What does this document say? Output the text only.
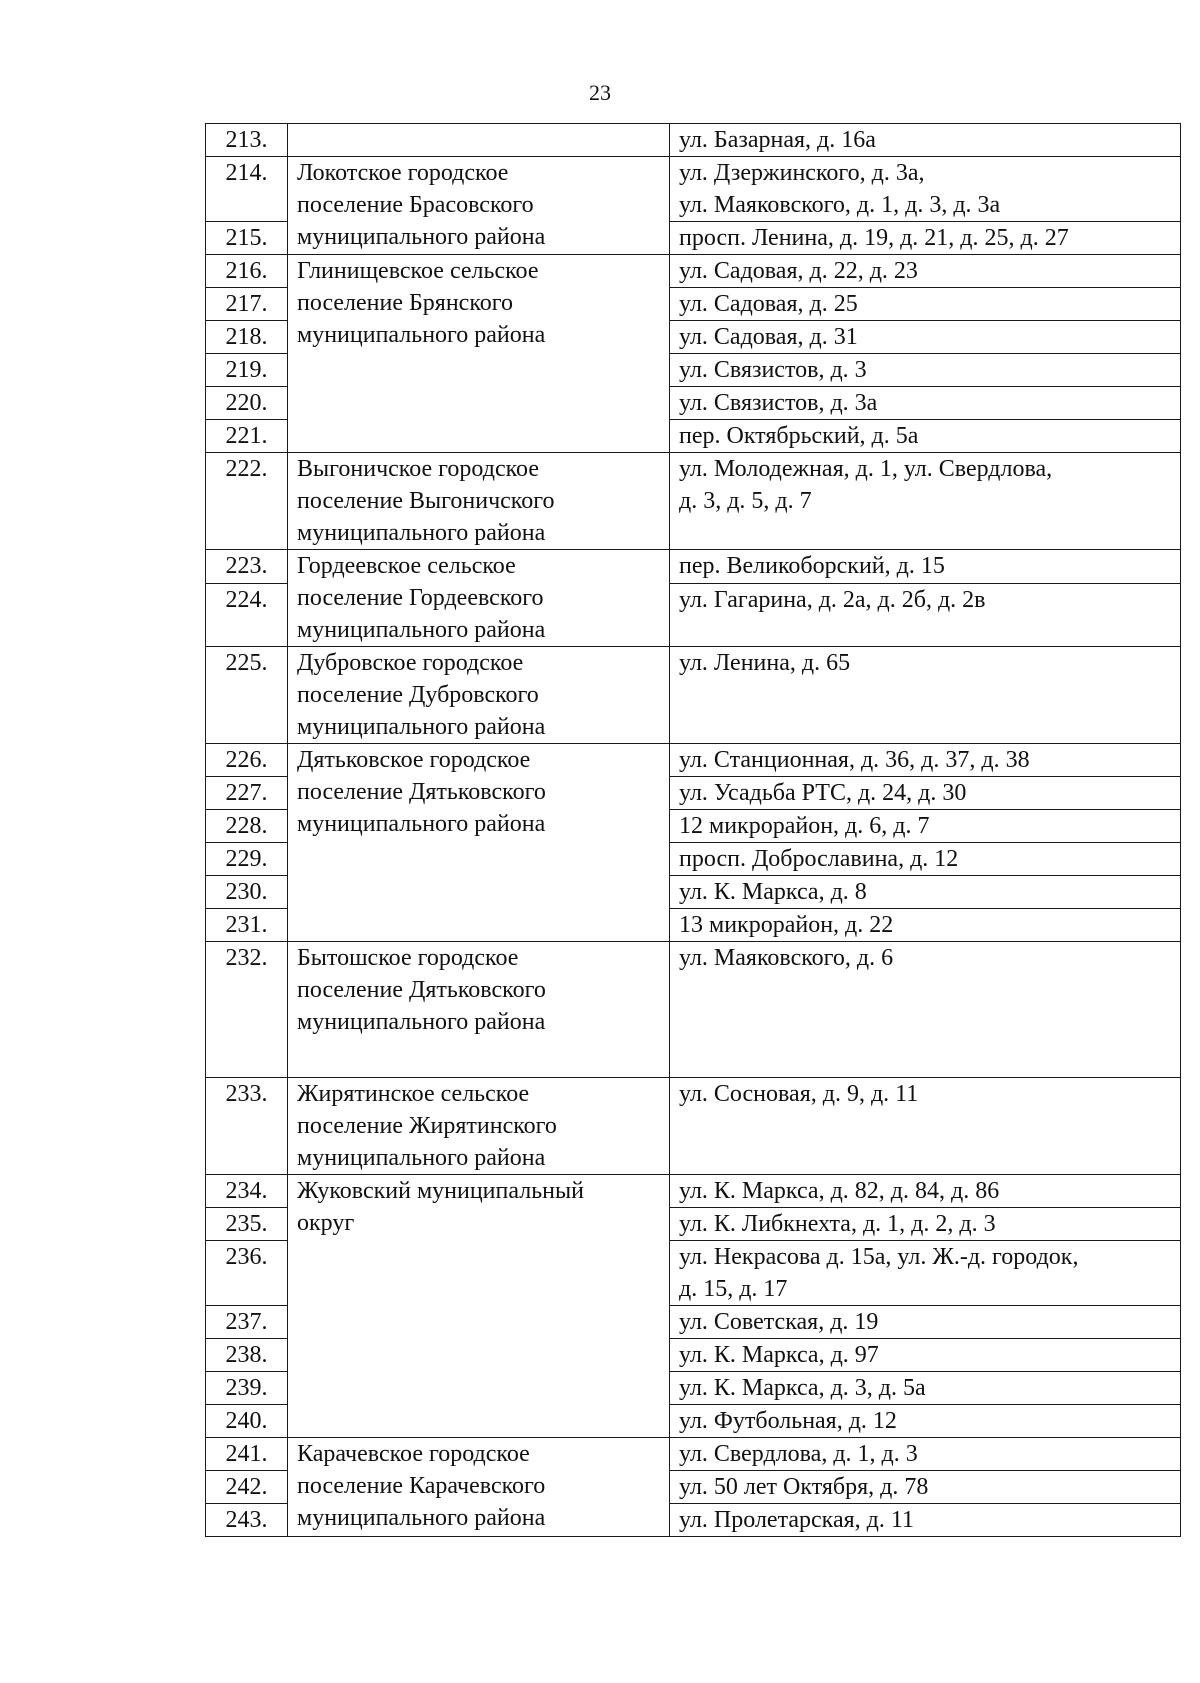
23
213.		ул. Базарная, д. 16а
214.	Локотское городское
поселение Брасовского
муниципального района	ул. Дзержинского, д. 3а,
ул. Маяковского, д. 1, д. 3, д. 3а
215.		просп. Ленина, д. 19, д. 21, д. 25, д. 27
216.	Глинищевское сельское
поселение Брянского
муниципального района	ул. Садовая, д. 22, д. 23
217.		ул. Садовая, д. 25
218.		ул. Садовая, д. 31
219.		ул. Связистов, д. 3
220.		ул. Связистов, д. 3а
221.		пер. Октябрьский, д. 5а
222.	Выгоничское городское
поселение Выгоничского
муниципального района	ул. Молодежная, д. 1, ул. Свердлова,
д. 3, д. 5, д. 7
223.	Гордеевское сельское
поселение Гордеевского
муниципального района	пер. Великоборский, д. 15
224.		ул. Гагарина, д. 2а, д. 2б, д. 2в
225.	Дубровское городское
поселение Дубровского
муниципального района	ул. Ленина, д. 65
226.	Дятьковское городское
поселение Дятьковского
муниципального района	ул. Станционная, д. 36, д. 37, д. 38
227.		ул. Усадьба РТС, д. 24, д. 30
228.		12 микрорайон, д. 6, д. 7
229.		просп. Доброславина, д. 12
230.		ул. К. Маркса, д. 8
231.		13 микрорайон, д. 22
232.	Бытошское городское
поселение Дятьковского
муниципального района	ул. Маяковского, д. 6
233.	Жирятинское сельское
поселение Жирятинского
муниципального района	ул. Сосновая, д. 9, д. 11
234.	Жуковский муниципальный
округ	ул. К. Маркса, д. 82, д. 84, д. 86
235.		ул. К. Либкнехта, д. 1, д. 2, д. 3
236.		ул. Некрасова д. 15а, ул. Ж.-д. городок,
д. 15, д. 17
237.		ул. Советская, д. 19
238.		ул. К. Маркса, д. 97
239.		ул. К. Маркса, д. 3, д. 5а
240.		ул. Футбольная, д. 12
241.	Карачевское городское
поселение Карачевского
муниципального района	ул. Свердлова, д. 1, д. 3
242.		ул. 50 лет Октября, д. 78
243.		ул. Пролетарская, д. 11
